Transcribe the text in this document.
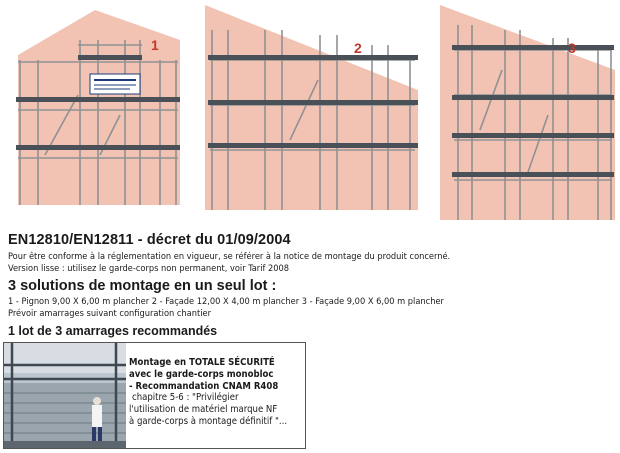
1	2	3
EN12810/EN12811 - décret du 01/09/2004
Pour être conforme à la réglementation en vigueur, se référer à la notice de montage du produit concerné.
Version lisse : utilisez le garde-corps non permanent, voir Tarif 2008
3 solutions de montage en un seul lot :
1 - Pignon 9,00 X 6,00 m plancher 2 - Façade 12,00 X 4,00 m plancher 3 - Façade 9,00 X 6,00 m plancher
Prévoir amarrages suivant configuration chantier
1 lot de 3 amarrages recommandés
Montage en TOTALE SÉCURITÉ
avec le garde-corps monobloc
- Recommandation CNAM R408
chapitre 5-6 : "Privilégier
l'utilisation de matériel marque NF
à garde-corps à montage définitif "...
